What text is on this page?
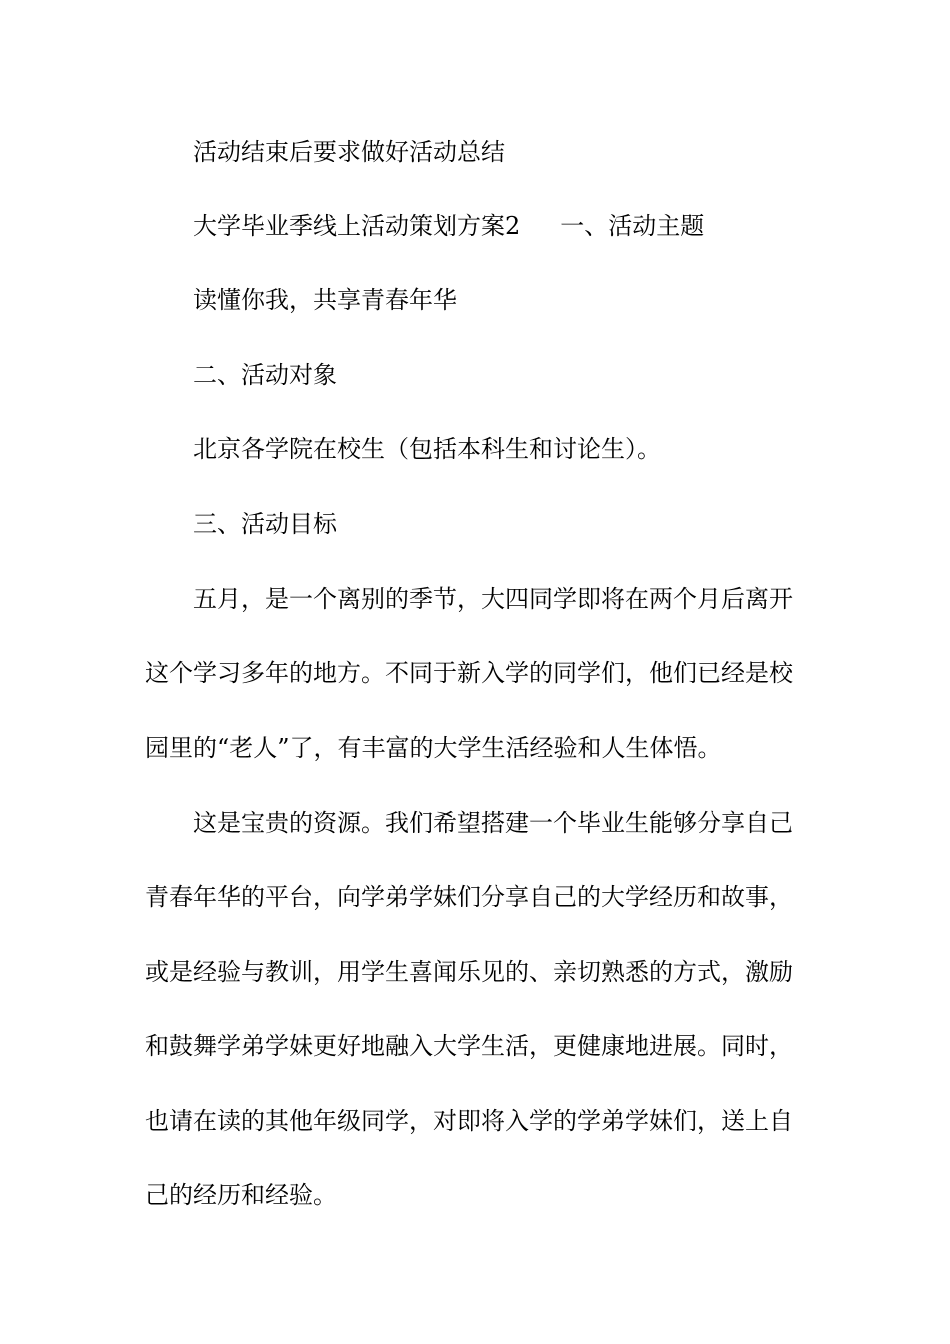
活动结束后要求做好活动总结
大学毕业季线上活动策划方案2 一、活动主题
读懂你我，共享青春年华
二、活动对象
北京各学院在校生（包括本科生和讨论生）。
三、活动目标
五月，是一个离别的季节，大四同学即将在两个月后离开
这个学习多年的地方。不同于新入学的同学们，他们已经是校
园里的“老人”了，有丰富的大学生活经验和人生体悟。
这是宝贵的资源。我们希望搭建一个毕业生能够分享自己
青春年华的平台，向学弟学妹们分享自己的大学经历和故事，
或是经验与教训，用学生喜闻乐见的、亲切熟悉的方式，激励
和鼓舞学弟学妹更好地融入大学生活，更健康地进展。同时，
也请在读的其他年级同学，对即将入学的学弟学妹们，送上自
己的经历和经验。
